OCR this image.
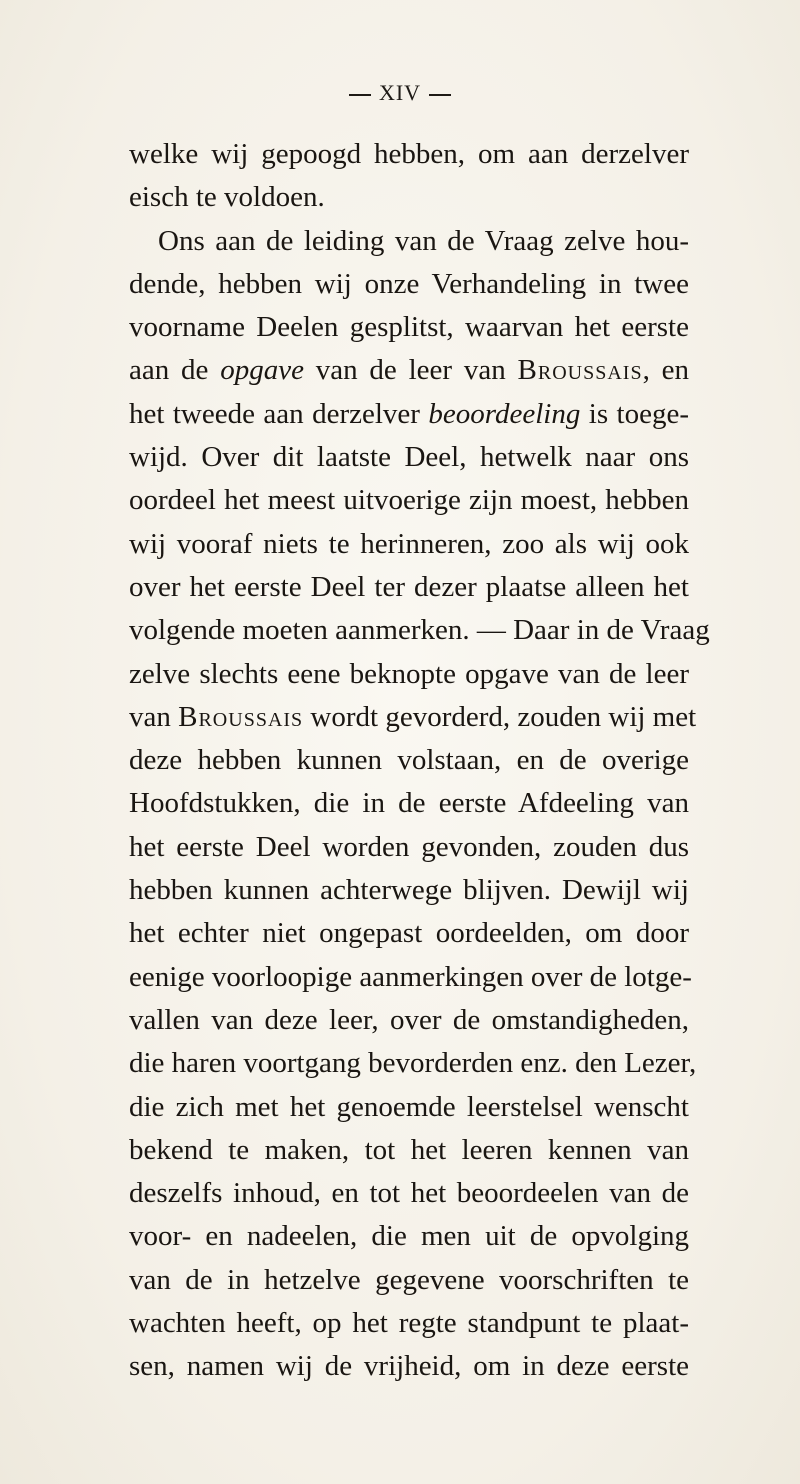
XIV
welke wij gepoogd hebben, om aan derzelver
eisch te voldoen.
Ons aan de leiding van de Vraag zelve hou-
dende, hebben wij onze Verhandeling in twee
voorname Deelen gesplitst, waarvan het eerste
aan de opgave van de leer van Broussais, en
het tweede aan derzelver beoordeeling is toege-
wijd. Over dit laatste Deel, hetwelk naar ons
oordeel het meest uitvoerige zijn moest, hebben
wij vooraf niets te herinneren, zoo als wij ook
over het eerste Deel ter dezer plaatse alleen het
volgende moeten aanmerken. — Daar in de Vraag
zelve slechts eene beknopte opgave van de leer
van Broussais wordt gevorderd, zouden wij met
deze hebben kunnen volstaan, en de overige
Hoofdstukken, die in de eerste Afdeeling van
het eerste Deel worden gevonden, zouden dus
hebben kunnen achterwege blijven. Dewijl wij
het echter niet ongepast oordeelden, om door
eenige voorloopige aanmerkingen over de lotge-
vallen van deze leer, over de omstandigheden,
die haren voortgang bevorderden enz. den Lezer,
die zich met het genoemde leerstelsel wenscht
bekend te maken, tot het leeren kennen van
deszelfs inhoud, en tot het beoordeelen van de
voor- en nadeelen, die men uit de opvolging
van de in hetzelve gegevene voorschriften te
wachten heeft, op het regte standpunt te plaat-
sen, namen wij de vrijheid, om in deze eerste
